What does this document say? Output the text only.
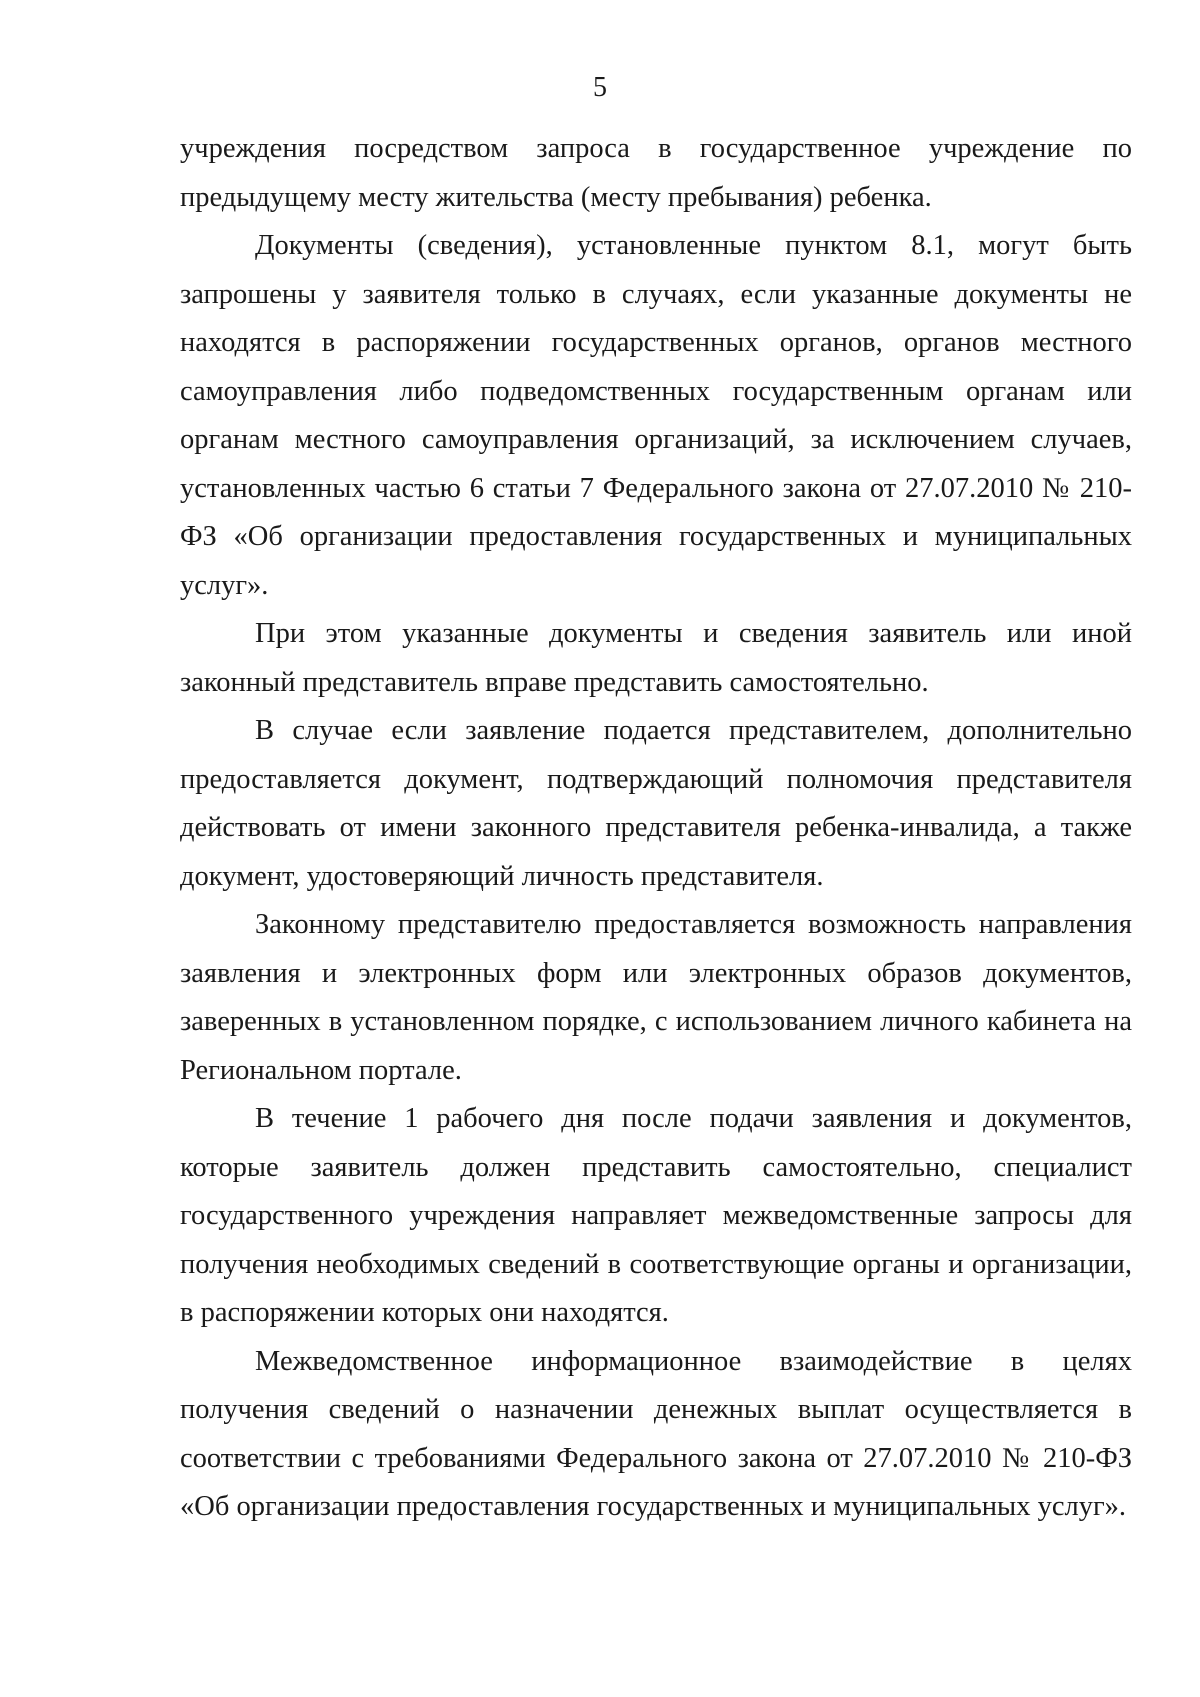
5

учреждения посредством запроса в государственное учреждение по предыдущему месту жительства (месту пребывания) ребенка.

Документы (сведения), установленные пунктом 8.1, могут быть запрошены у заявителя только в случаях, если указанные документы не находятся в распоряжении государственных органов, органов местного самоуправления либо подведомственных государственным органам или органам местного самоуправления организаций, за исключением случаев, установленных частью 6 статьи 7 Федерального закона от 27.07.2010 № 210-ФЗ «Об организации предоставления государственных и муниципальных услуг».

При этом указанные документы и сведения заявитель или иной законный представитель вправе представить самостоятельно.

В случае если заявление подается представителем, дополнительно предоставляется документ, подтверждающий полномочия представителя действовать от имени законного представителя ребенка-инвалида, а также документ, удостоверяющий личность представителя.

Законному представителю предоставляется возможность направления заявления и электронных форм или электронных образов документов, заверенных в установленном порядке, с использованием личного кабинета на Региональном портале.

В течение 1 рабочего дня после подачи заявления и документов, которые заявитель должен представить самостоятельно, специалист государственного учреждения направляет межведомственные запросы для получения необходимых сведений в соответствующие органы и организации, в распоряжении которых они находятся.

Межведомственное информационное взаимодействие в целях получения сведений о назначении денежных выплат осуществляется в соответствии с требованиями Федерального закона от 27.07.2010 № 210-ФЗ «Об организации предоставления государственных и муниципальных услуг».
